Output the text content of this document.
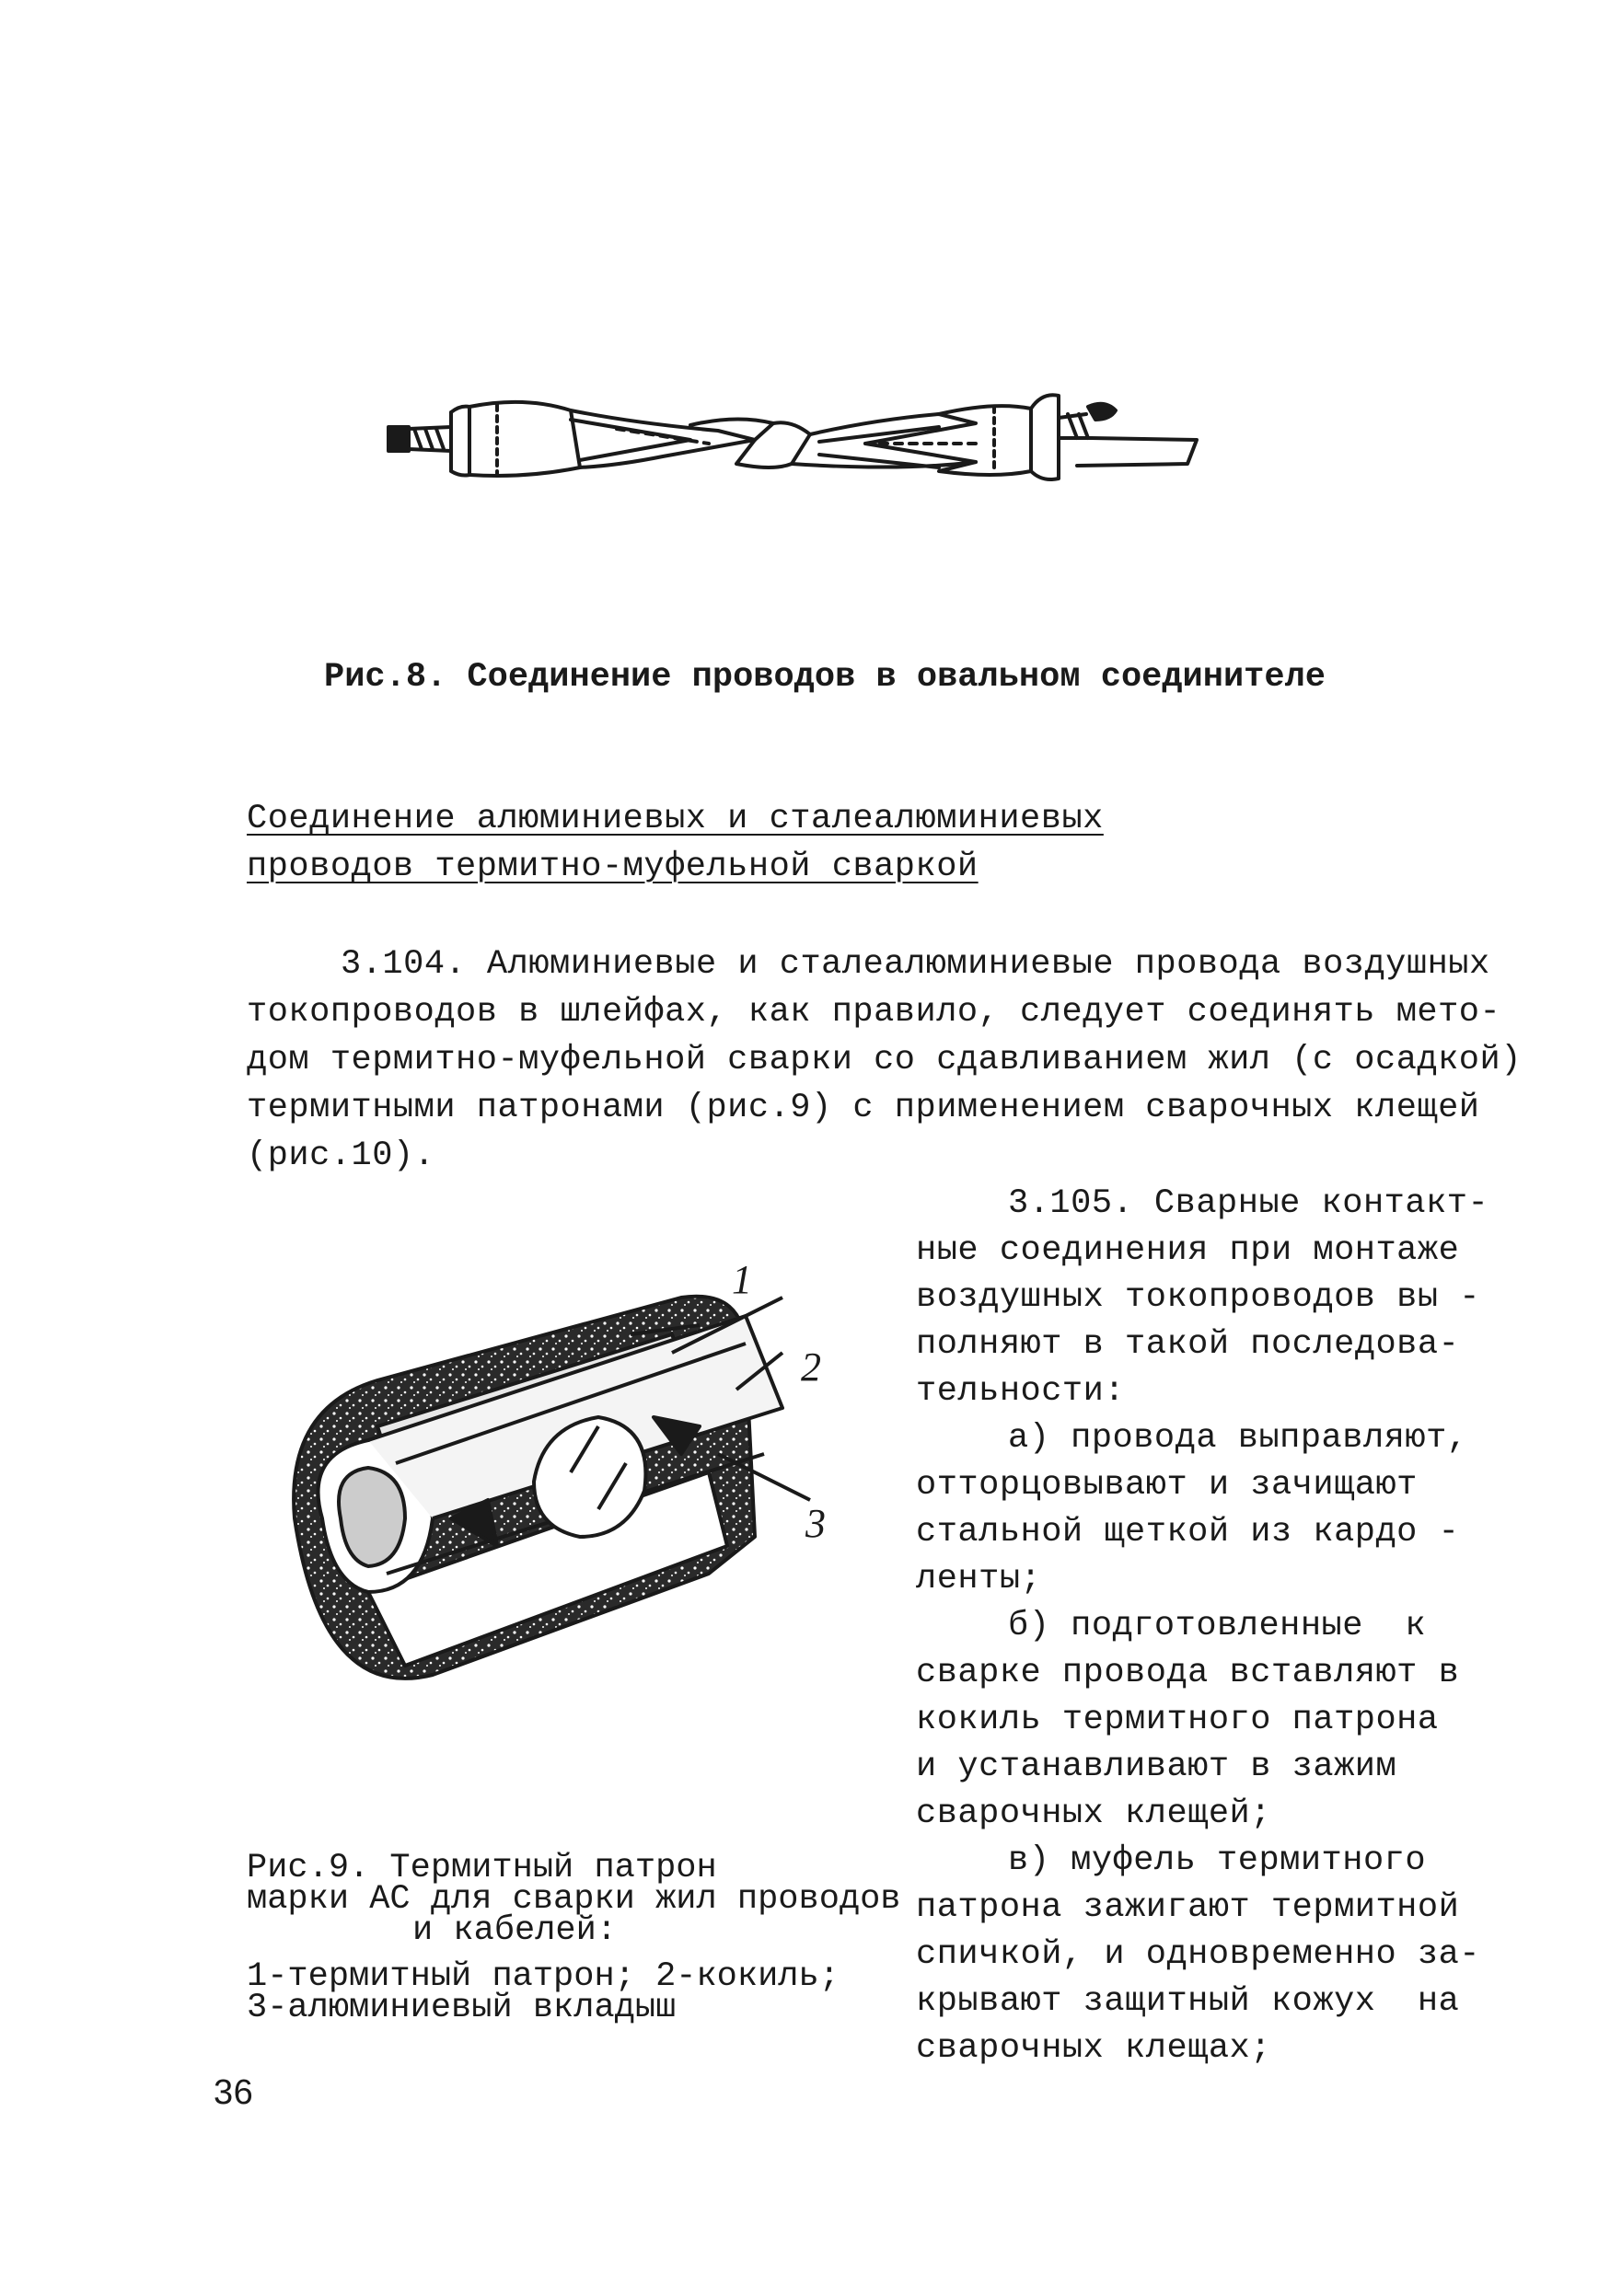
Рис.8. Соединение проводов в овальном соединителе
Соединение алюминиевых и сталеалюминиевых
проводов термитно-муфельной сваркой
3.104. Алюминиевые и сталеалюминиевые провода воздушных
токопроводов в шлейфах, как правило, следует соединять мето-
дом термитно-муфельной сварки со сдавливанием жил (с осадкой)
термитными патронами (рис.9) с применением сварочных клещей
(рис.10).
1
2
3
Рис.9. Термитный патрон
марки АС для сварки жил проводов
и кабелей:
1-термитный патрон; 2-кокиль;
3-алюминиевый вкладыш
3.105. Сварные контакт-
ные соединения при монтаже
воздушных токопроводов вы -
полняют в такой последова-
тельности:
а) провода выправляют,
отторцовывают и зачищают
стальной щеткой из кардо -
ленты;
б) подготовленные  к
сварке провода вставляют в
кокиль термитного патрона
и устанавливают в зажим
сварочных клещей;
в) муфель термитного
патрона зажигают термитной
спичкой, и одновременно за-
крывают защитный кожух  на
сварочных клещах;
36
